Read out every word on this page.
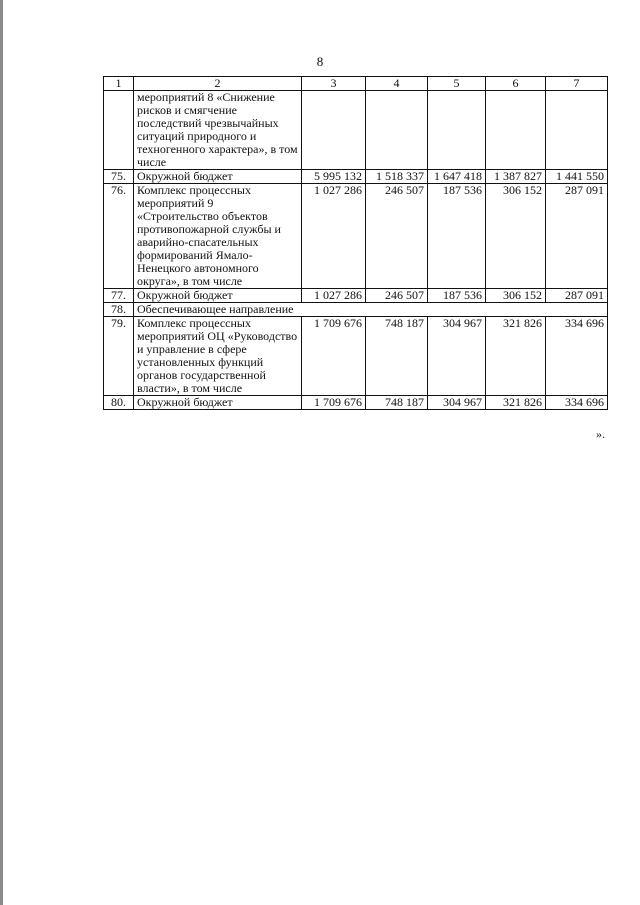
8
1	2	3	4	5	6	7
	мероприятий 8 «Снижение рисков и смягчение последствий чрезвычайных ситуаций природного и техногенного характера», в том числе					
75.	Окружной бюджет	5 995 132	1 518 337	1 647 418	1 387 827	1 441 550
76.	Комплекс процессных мероприятий 9 «Строительство объектов противопожарной службы и аварийно-спасательных формирований Ямало-Ненецкого автономного округа», в том числе	1 027 286	246 507	187 536	306 152	287 091
77.	Окружной бюджет	1 027 286	246 507	187 536	306 152	287 091
78.	Обеспечивающее направление					
79.	Комплекс процессных мероприятий ОЦ «Руководство и управление в сфере установленных функций органов государственной власти», в том числе	1 709 676	748 187	304 967	321 826	334 696
80.	Окружной бюджет	1 709 676	748 187	304 967	321 826	334 696
».
